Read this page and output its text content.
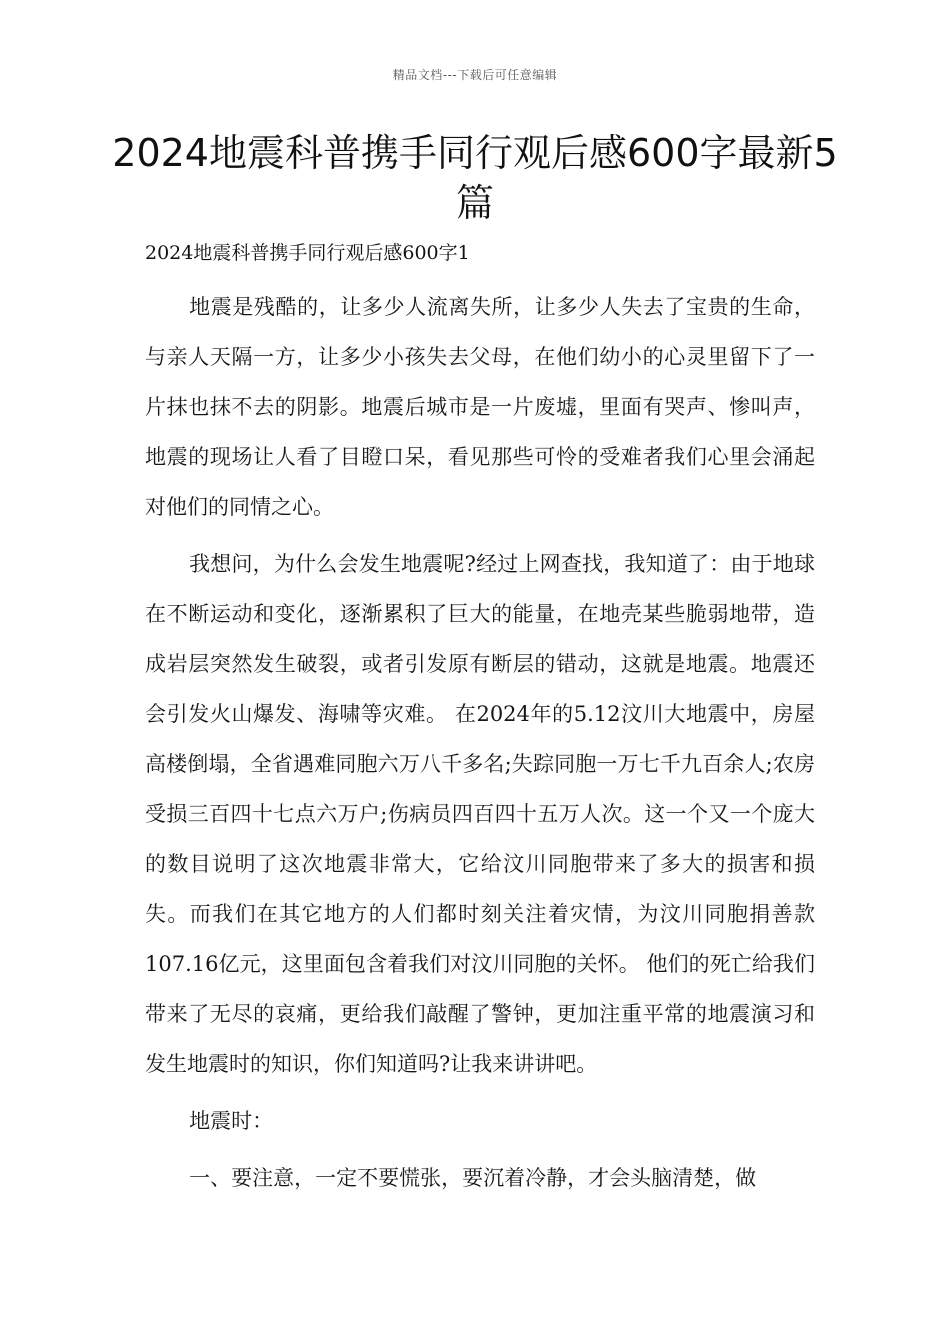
精品文档---下载后可任意编辑
2024地震科普携手同行观后感600字最新5篇
2024地震科普携手同行观后感600字1

地震是残酷的，让多少人流离失所，让多少人失去了宝贵的生命，与亲人天隔一方，让多少小孩失去父母，在他们幼小的心灵里留下了一片抹也抹不去的阴影。地震后城市是一片废墟，里面有哭声、惨叫声，地震的现场让人看了目瞪口呆，看见那些可怜的受难者我们心里会涌起对他们的同情之心。

我想问，为什么会发生地震呢?经过上网查找，我知道了：由于地球在不断运动和变化，逐渐累积了巨大的能量，在地壳某些脆弱地带，造成岩层突然发生破裂，或者引发原有断层的错动，这就是地震。地震还会引发火山爆发、海啸等灾难。 在2024年的5.12汶川大地震中，房屋高楼倒塌，全省遇难同胞六万八千多名;失踪同胞一万七千九百余人;农房受损三百四十七点六万户;伤病员四百四十五万人次。这一个又一个庞大的数目说明了这次地震非常大，它给汶川同胞带来了多大的损害和损失。而我们在其它地方的人们都时刻关注着灾情，为汶川同胞捐善款107.16亿元，这里面包含着我们对汶川同胞的关怀。 他们的死亡给我们带来了无尽的哀痛，更给我们敲醒了警钟，更加注重平常的地震演习和发生地震时的知识，你们知道吗?让我来讲讲吧。

地震时：

一、要注意，一定不要慌张，要沉着冷静，才会头脑清楚，做
